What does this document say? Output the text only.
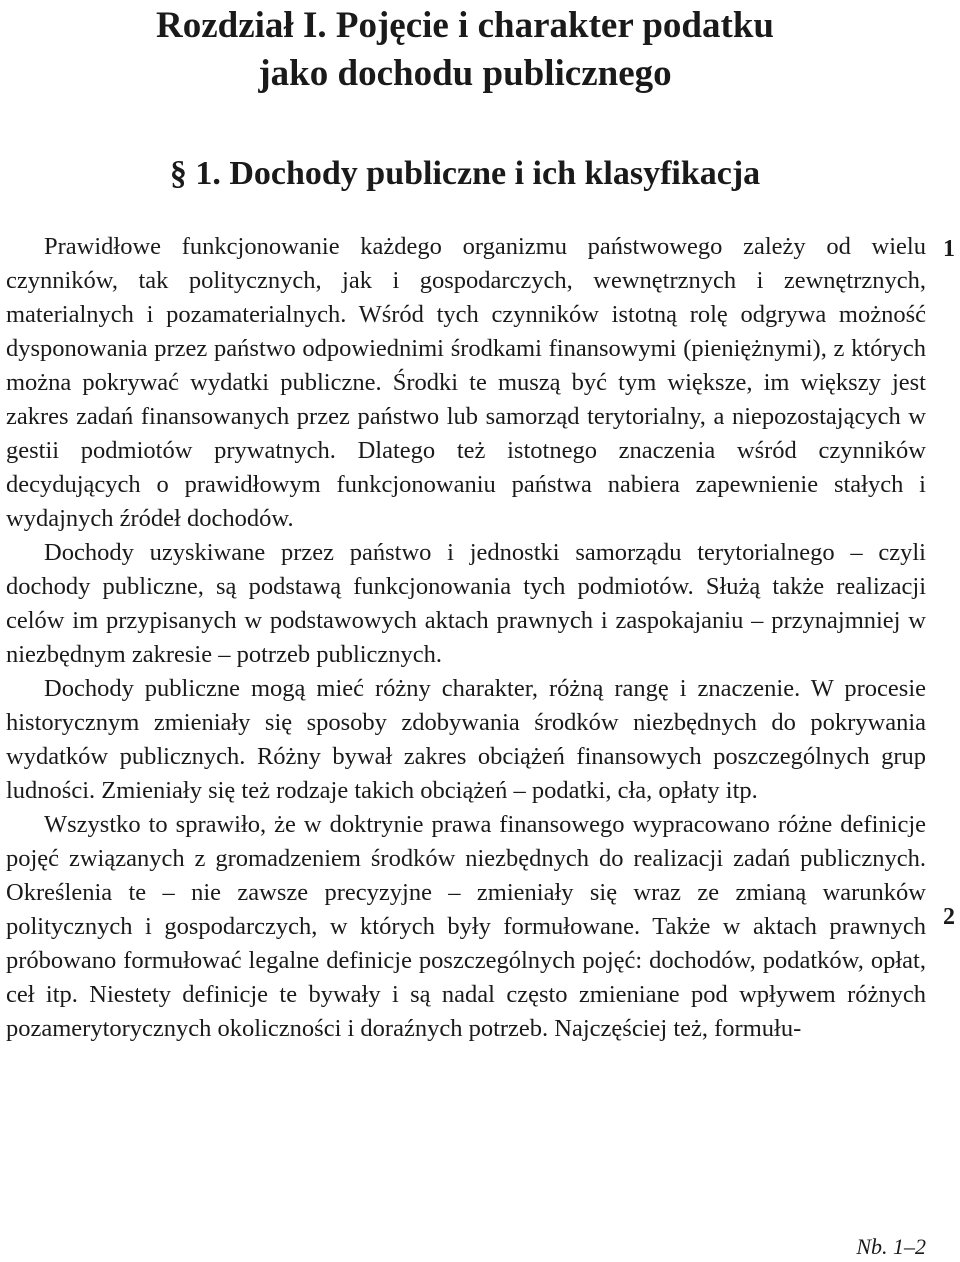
Rozdział I. Pojęcie i charakter podatku
jako dochodu publicznego
§ 1. Dochody publiczne i ich klasyfikacja

Prawidłowe funkcjonowanie każdego organizmu państwowego zależy od wielu czynników, tak politycznych, jak i gospodarczych, wewnętrznych i zewnętrznych, materialnych i pozamaterialnych. Wśród tych czynników istotną rolę odgrywa możność dysponowania przez państwo odpowiednimi środkami finansowymi (pieniężnymi), z których można pokrywać wydatki publiczne. Środki te muszą być tym większe, im większy jest zakres zadań finansowanych przez państwo lub samorząd terytorialny, a niepozostających w gestii podmiotów prywatnych. Dlatego też istotnego znaczenia wśród czynników decydujących o prawidłowym funkcjonowaniu państwa nabiera zapewnienie stałych i wydajnych źródeł dochodów.

Dochody uzyskiwane przez państwo i jednostki samorządu terytorialnego – czyli dochody publiczne, są podstawą funkcjonowania tych podmiotów. Służą także realizacji celów im przypisanych w podstawowych aktach prawnych i zaspokajaniu – przynajmniej w niezbędnym zakresie – potrzeb publicznych.

Dochody publiczne mogą mieć różny charakter, różną rangę i znaczenie. W procesie historycznym zmieniały się sposoby zdobywania środków niezbędnych do pokrywania wydatków publicznych. Różny bywał zakres obciążeń finansowych poszczególnych grup ludności. Zmieniały się też rodzaje takich obciążeń – podatki, cła, opłaty itp.

Wszystko to sprawiło, że w doktrynie prawa finansowego wypracowano różne definicje pojęć związanych z gromadzeniem środków niezbędnych do realizacji zadań publicznych. Określenia te – nie zawsze precyzyjne – zmieniały się wraz ze zmianą warunków politycznych i gospodarczych, w których były formułowane. Także w aktach prawnych próbowano formułować legalne definicje poszczególnych pojęć: dochodów, podatków, opłat, ceł itp. Niestety definicje te bywały i są nadal często zmieniane pod wpływem różnych pozamerytorycznych okoliczności i doraźnych potrzeb. Najczęściej też, formułu-

1
2
Nb. 1–2
